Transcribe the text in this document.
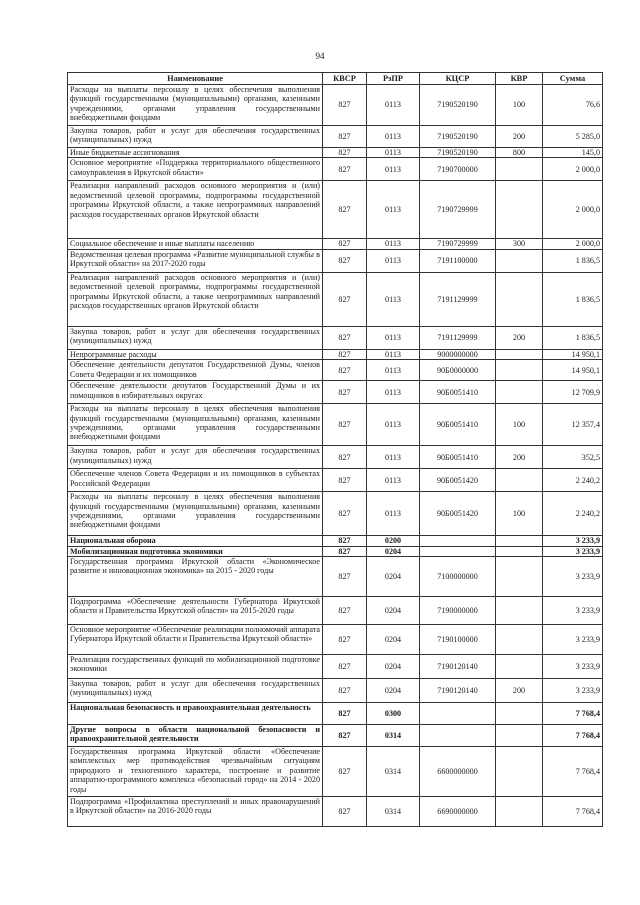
94
Наименование	КВСР	РзПР	КЦСР	КВР	Сумма
Расходы на выплаты персоналу в целях обеспечения выполнения функций государственными (муниципальными) органами, казенными учреждениями, органами управления государственными внебюджетными фондами	827	0113	7190520190	100	76,6
Закупка товаров, работ и услуг для обеспечения государственных (муниципальных) нужд	827	0113	7190520190	200	5 285,0
Иные бюджетные ассигнования	827	0113	7190520190	800	145,0
Основное мероприятие «Поддержка территориального общественного самоуправления в Иркутской области»	827	0113	7190700000		2 000,0
Реализация направлений расходов основного мероприятия и (или) ведомственной целевой программы, подпрограммы государственной программы Иркутской области, а также непрограммных направлений расходов государственных органов Иркутской области	827	0113	7190729999		2 000,0
Социальное обеспечение и иные выплаты населению	827	0113	7190729999	300	2 000,0
Ведомственная целевая программа «Развитие муниципальной службы в Иркутской области» на 2017-2020 годы	827	0113	7191100000		1 836,5
Реализация направлений расходов основного мероприятия и (или) ведомственной целевой программы, подпрограммы государственной программы Иркутской области, а также непрограммных направлений расходов государственных органов Иркутской области	827	0113	7191129999		1 836,5
Закупка товаров, работ и услуг для обеспечения государственных (муниципальных) нужд	827	0113	7191129999	200	1 836,5
Непрограммные расходы	827	0113	9000000000		14 950,1
Обеспечение деятельности депутатов Государственной Думы, членов Совета Федерации и их помощников	827	0113	90Б0000000		14 950,1
Обеспечение деятельности депутатов Государственной Думы и их помощников в избирательных округах	827	0113	90Б0051410		12 709,9
Расходы на выплаты персоналу в целях обеспечения выполнения функций государственными (муниципальными) органами, казенными учреждениями, органами управления государственными внебюджетными фондами	827	0113	90Б0051410	100	12 357,4
Закупка товаров, работ и услуг для обеспечения государственных (муниципальных) нужд	827	0113	90Б0051410	200	352,5
Обеспечение членов Совета Федерации и их помощников в субъектах Российской Федерации	827	0113	90Б0051420		2 240,2
Расходы на выплаты персоналу в целях обеспечения выполнения функций государственными (муниципальными) органами, казенными учреждениями, органами управления государственными внебюджетными фондами	827	0113	90Б0051420	100	2 240,2
Национальная оборона	827	0200			3 233,9
Мобилизационная подготовка экономики	827	0204			3 233,9
Государственная программа Иркутской области «Экономическое развитие и инновационная экономика» на 2015 - 2020 годы	827	0204	7100000000		3 233,9
Подпрограмма «Обеспечение деятельности Губернатора Иркутской области и Правительства Иркутской области» на 2015-2020 годы	827	0204	7190000000		3 233,9
Основное мероприятие «Обеспечение реализации полномочий аппарата Губернатора Иркутской области и Правительства Иркутской области»	827	0204	7190100000		3 233,9
Реализация государственных функций по мобилизационной подготовке экономики	827	0204	7190120140		3 233,9
Закупка товаров, работ и услуг для обеспечения государственных (муниципальных) нужд	827	0204	7190120140	200	3 233,9
Национальная безопасность и правоохранительная деятельность	827	0300			7 768,4
Другие вопросы в области национальной безопасности и правоохранительной деятельности	827	0314			7 768,4
Государственная программа Иркутской области «Обеспечение комплексных мер противодействия чрезвычайным ситуациям природного и техногенного характера, построение и развитие аппаратно-программного комплекса «безопасный город» на 2014 - 2020 годы	827	0314	6600000000		7 768,4
Подпрограмма «Профилактика преступлений и иных правонарушений в Иркутской области» на 2016-2020 годы	827	0314	6690000000		7 768,4
